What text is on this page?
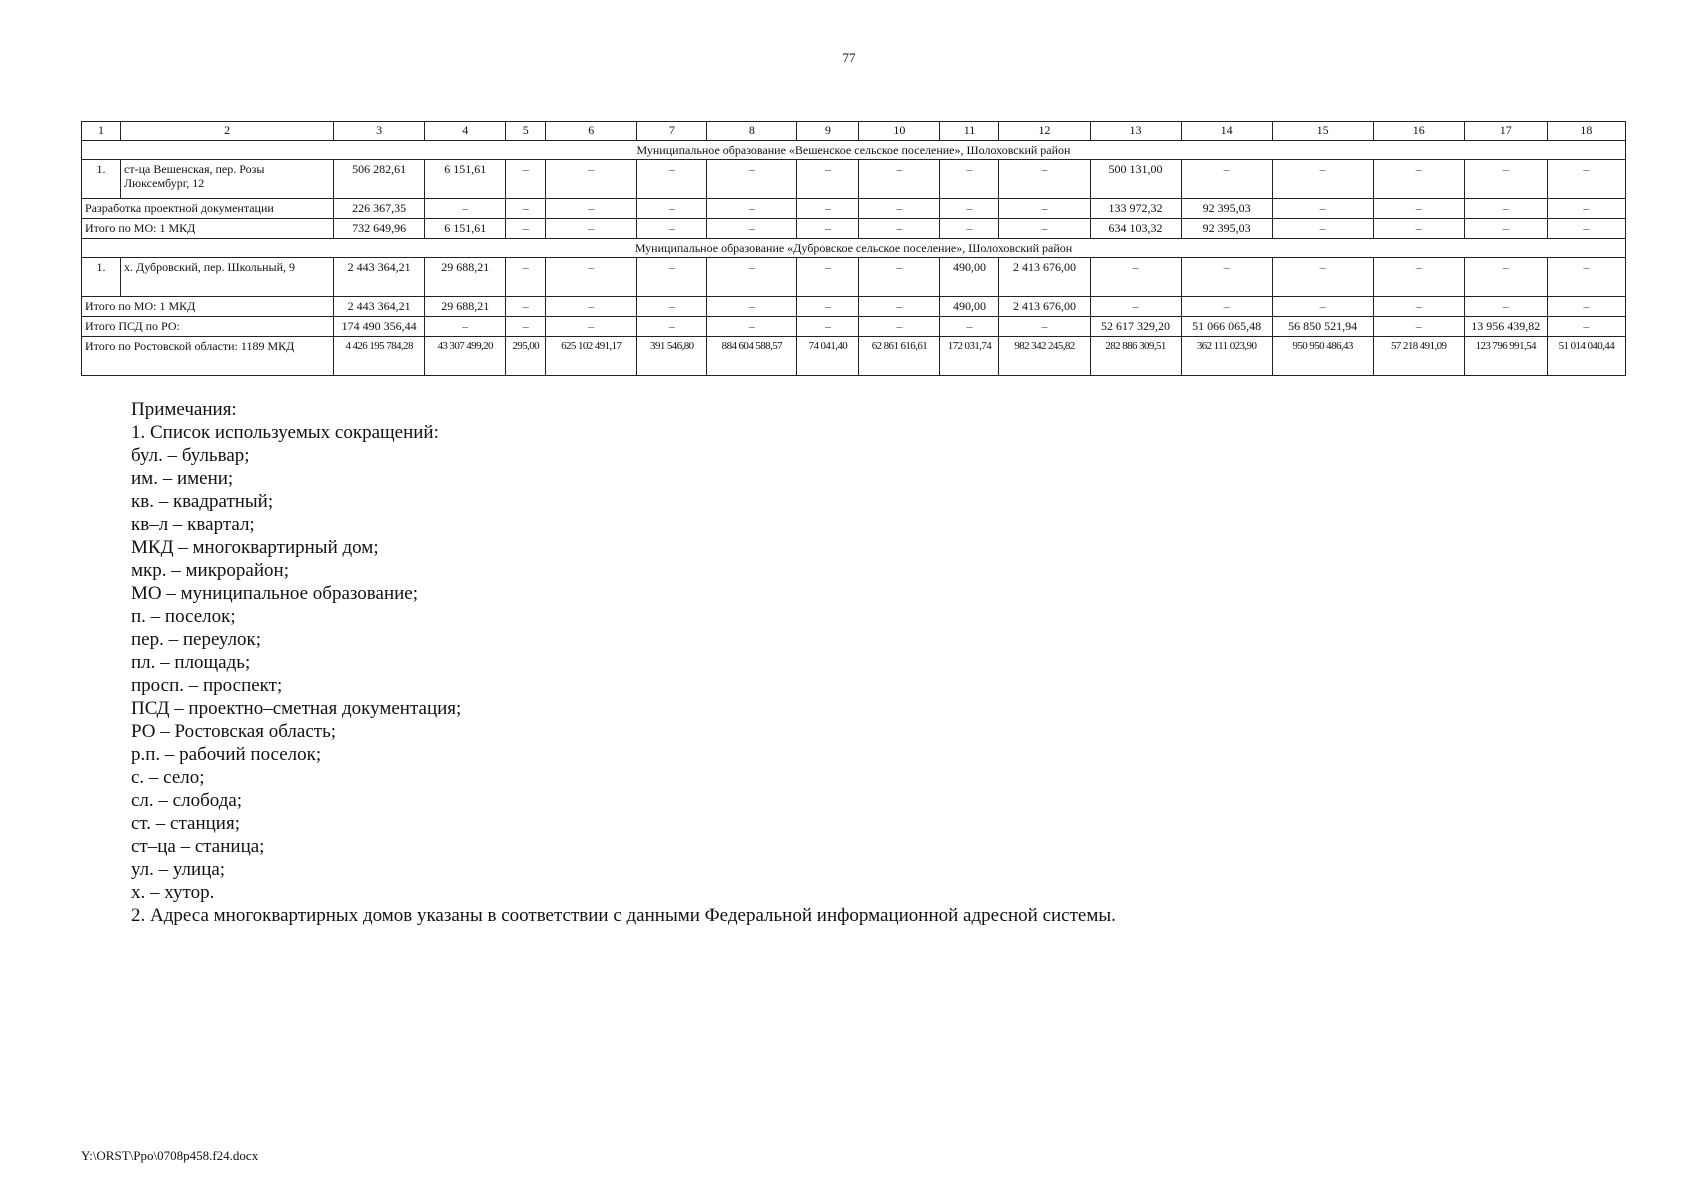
77
1	2	3	4	5	6	7	8	9	10	11	12	13	14	15	16	17	18
Муниципальное образование «Вешенское сельское поселение», Шолоховский район																	
1.	ст-ца Вешенская, пер. Розы Люксембург, 12	506 282,61	6 151,61	–	–	–	–	–	–	–	–	500 131,00	–	–	–	–	–
Разработка проектной документации		226 367,35	–	–	–	–	–	–	–	–	–	133 972,32	92 395,03	–	–	–	–
Итого по МО: 1 МКД		732 649,96	6 151,61	–	–	–	–	–	–	–	–	634 103,32	92 395,03	–	–	–	–
Муниципальное образование «Дубровское сельское поселение», Шолоховский район																	
1.	х. Дубровский, пер. Школьный, 9	2 443 364,21	29 688,21	–	–	–	–	–	–	490,00	2 413 676,00	–	–	–	–	–	–
Итого по МО: 1 МКД		2 443 364,21	29 688,21	–	–	–	–	–	–	490,00	2 413 676,00	–	–	–	–	–	–
Итого ПСД по РО:		174 490 356,44	–	–	–	–	–	–	–	–	–	52 617 329,20	51 066 065,48	56 850 521,94	–	13 956 439,82	–
Итого по Ростовской области: 1189 МКД		4 426 195 784,28	43 307 499,20	295,00	625 102 491,17	391 546,80	884 604 588,57	74 041,40	62 861 616,61	172 031,74	982 342 245,82	282 886 309,51	362 111 023,90	950 950 486,43	57 218 491,09	123 796 991,54	51 014 040,44
Примечания:
1. Список используемых сокращений:
бул. – бульвар;
им. – имени;
кв. – квадратный;
кв–л – квартал;
МКД – многоквартирный дом;
мкр. – микрорайон;
МО – муниципальное образование;
п. – поселок;
пер. – переулок;
пл. – площадь;
просп. – проспект;
ПСД – проектно–сметная документация;
РО – Ростовская область;
р.п. – рабочий поселок;
с. – село;
сл. – слобода;
ст. – станция;
ст–ца – станица;
ул. – улица;
х. – хутор.
2. Адреса многоквартирных домов указаны в соответствии с данными Федеральной информационной адресной системы.
Y:\ORST\Ppo\0708p458.f24.docx
